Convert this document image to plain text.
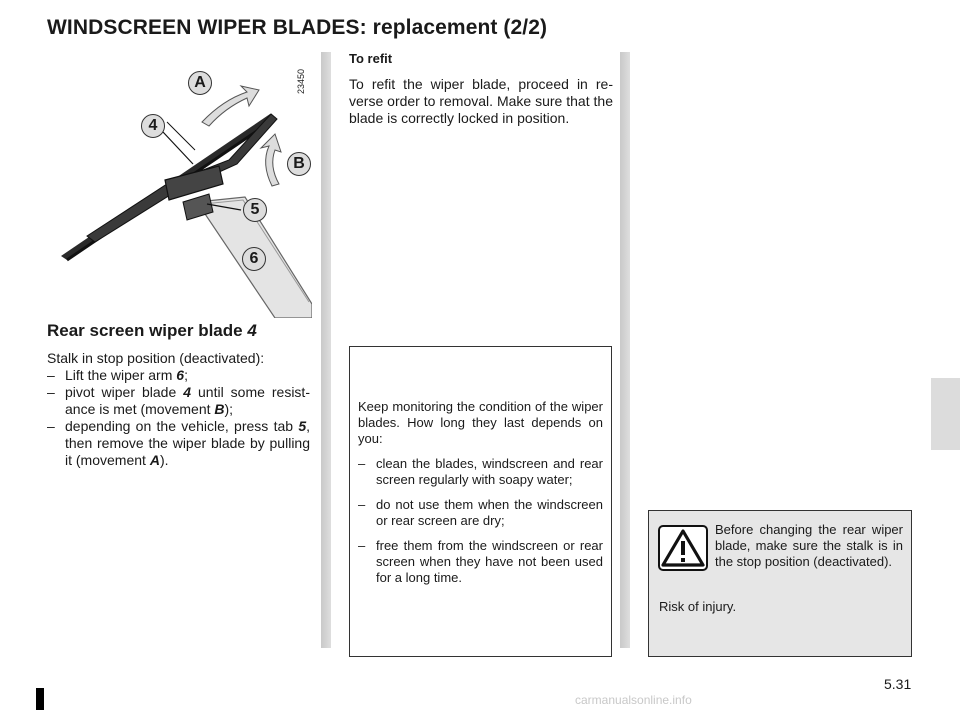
WINDSCREEN WIPER BLADES: replacement (2/2)
A
4
B
5
6
23450
Rear screen wiper blade 4

Stalk in stop position (deactivated):

– Lift the wiper arm 6;
– pivot wiper blade 4 until some resistance is met (movement B);
– depending on the vehicle, press tab 5, then remove the wiper blade by pulling it (movement A).
To refit
To refit the wiper blade, proceed in reverse order to removal. Make sure that the blade is correctly locked in position.

Keep monitoring the condition of the wiper blades. How long they last depends on you:

– clean the blades, windscreen and rear screen regularly with soapy water;
– do not use them when the windscreen or rear screen are dry;
– free them from the windscreen or rear screen when they have not been used for a long time.
Before changing the rear wiper blade, make sure the stalk is in the stop position (deactivated).
Risk of injury.
5.31
carmanualsonline.info
